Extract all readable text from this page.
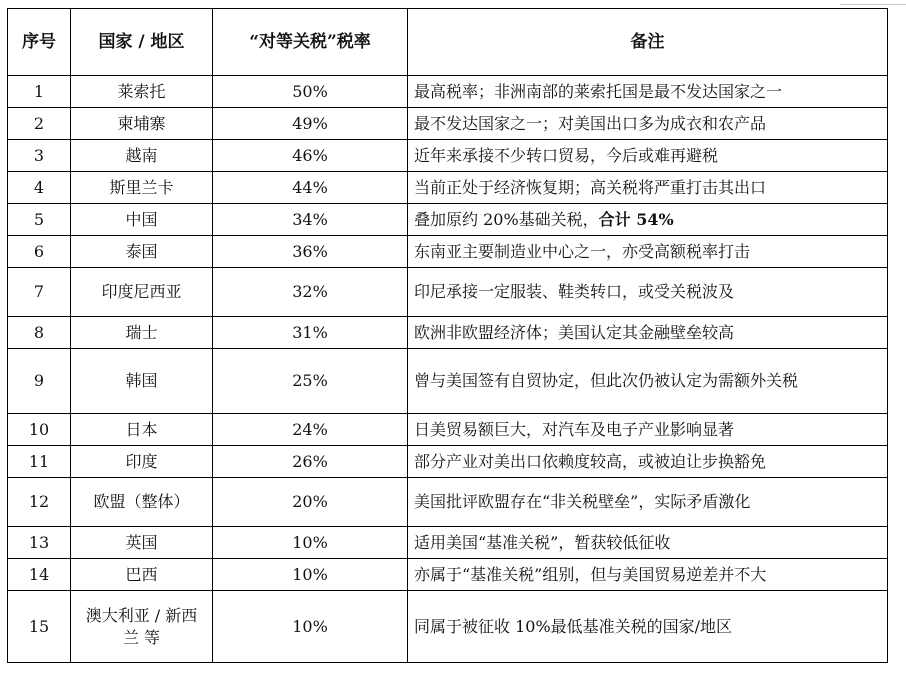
序号	国家 / 地区	“对等关税”税率	备注
1	莱索托	50%	最高税率；非洲南部的莱索托国是最不发达国家之一
2	柬埔寨	49%	最不发达国家之一；对美国出口多为成衣和农产品
3	越南	46%	近年来承接不少转口贸易，今后或难再避税
4	斯里兰卡	44%	当前正处于经济恢复期；高关税将严重打击其出口
5	中国	34%	叠加原约 20%基础关税，合计 54%
6	泰国	36%	东南亚主要制造业中心之一，亦受高额税率打击
7	印度尼西亚	32%	印尼承接一定服装、鞋类转口，或受关税波及
8	瑞士	31%	欧洲非欧盟经济体；美国认定其金融壁垒较高
9	韩国	25%	曾与美国签有自贸协定，但此次仍被认定为需额外关税
10	日本	24%	日美贸易额巨大，对汽车及电子产业影响显著
11	印度	26%	部分产业对美出口依赖度较高，或被迫让步换豁免
12	欧盟（整体）	20%	美国批评欧盟存在“非关税壁垒”，实际矛盾激化
13	英国	10%	适用美国“基准关税”，暂获较低征收
14	巴西	10%	亦属于“基准关税”组别，但与美国贸易逆差并不大
15	澳大利亚 / 新西兰 等	10%	同属于被征收 10%最低基准关税的国家/地区
